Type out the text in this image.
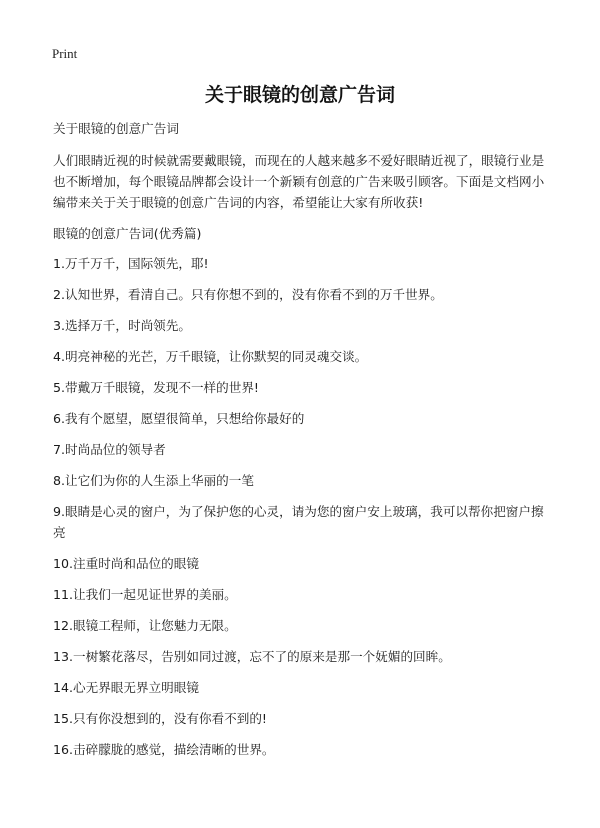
Print
关于眼镜的创意广告词

关于眼镜的创意广告词

人们眼睛近视的时候就需要戴眼镜，而现在的人越来越多不爱好眼睛近视了，眼镜行业是也不断增加，每个眼镜品牌都会设计一个新颖有创意的广告来吸引顾客。下面是文档网小编带来关于关于眼镜的创意广告词的内容，希望能让大家有所收获!

眼镜的创意广告词(优秀篇)

1.万千万千，国际领先，耶!

2.认知世界，看清自己。只有你想不到的，没有你看不到的万千世界。

3.选择万千，时尚领先。

4.明亮神秘的光芒，万千眼镜，让你默契的同灵魂交谈。

5.带戴万千眼镜，发现不一样的世界!

6.我有个愿望，愿望很简单，只想给你最好的

7.时尚品位的领导者

8.让它们为你的人生添上华丽的一笔

9.眼睛是心灵的窗户，为了保护您的心灵，请为您的窗户安上玻璃，我可以帮你把窗户擦亮

10.注重时尚和品位的眼镜

11.让我们一起见证世界的美丽。

12.眼镜工程师，让您魅力无限。

13.一树繁花落尽，告别如同过渡，忘不了的原来是那一个妩媚的回眸。

14.心无界眼无界立明眼镜

15.只有你没想到的，没有你看不到的!

16.击碎朦胧的感觉，描绘清晰的世界。
